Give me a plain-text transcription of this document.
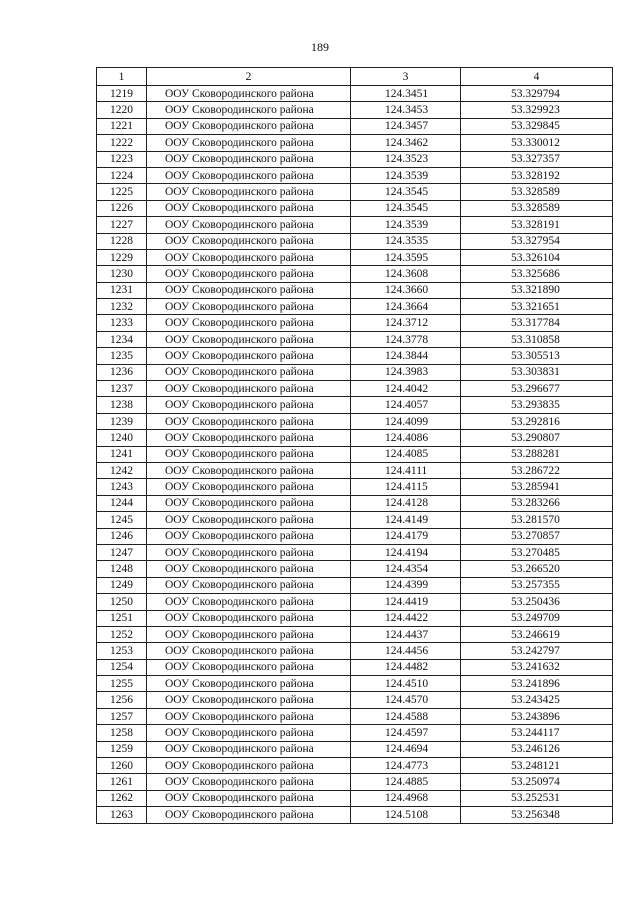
189
1	2	3	4
1219	ООУ Сковородинского района	124.3451	53.329794
1220	ООУ Сковородинского района	124.3453	53.329923
1221	ООУ Сковородинского района	124.3457	53.329845
1222	ООУ Сковородинского района	124.3462	53.330012
1223	ООУ Сковородинского района	124.3523	53.327357
1224	ООУ Сковородинского района	124.3539	53.328192
1225	ООУ Сковородинского района	124.3545	53.328589
1226	ООУ Сковородинского района	124.3545	53.328589
1227	ООУ Сковородинского района	124.3539	53.328191
1228	ООУ Сковородинского района	124.3535	53.327954
1229	ООУ Сковородинского района	124.3595	53.326104
1230	ООУ Сковородинского района	124.3608	53.325686
1231	ООУ Сковородинского района	124.3660	53.321890
1232	ООУ Сковородинского района	124.3664	53.321651
1233	ООУ Сковородинского района	124.3712	53.317784
1234	ООУ Сковородинского района	124.3778	53.310858
1235	ООУ Сковородинского района	124.3844	53.305513
1236	ООУ Сковородинского района	124.3983	53.303831
1237	ООУ Сковородинского района	124.4042	53.296677
1238	ООУ Сковородинского района	124.4057	53.293835
1239	ООУ Сковородинского района	124.4099	53.292816
1240	ООУ Сковородинского района	124.4086	53.290807
1241	ООУ Сковородинского района	124.4085	53.288281
1242	ООУ Сковородинского района	124.4111	53.286722
1243	ООУ Сковородинского района	124.4115	53.285941
1244	ООУ Сковородинского района	124.4128	53.283266
1245	ООУ Сковородинского района	124.4149	53.281570
1246	ООУ Сковородинского района	124.4179	53.270857
1247	ООУ Сковородинского района	124.4194	53.270485
1248	ООУ Сковородинского района	124.4354	53.266520
1249	ООУ Сковородинского района	124.4399	53.257355
1250	ООУ Сковородинского района	124.4419	53.250436
1251	ООУ Сковородинского района	124.4422	53.249709
1252	ООУ Сковородинского района	124.4437	53.246619
1253	ООУ Сковородинского района	124.4456	53.242797
1254	ООУ Сковородинского района	124.4482	53.241632
1255	ООУ Сковородинского района	124.4510	53.241896
1256	ООУ Сковородинского района	124.4570	53.243425
1257	ООУ Сковородинского района	124.4588	53.243896
1258	ООУ Сковородинского района	124.4597	53.244117
1259	ООУ Сковородинского района	124.4694	53.246126
1260	ООУ Сковородинского района	124.4773	53.248121
1261	ООУ Сковородинского района	124.4885	53.250974
1262	ООУ Сковородинского района	124.4968	53.252531
1263	ООУ Сковородинского района	124.5108	53.256348
